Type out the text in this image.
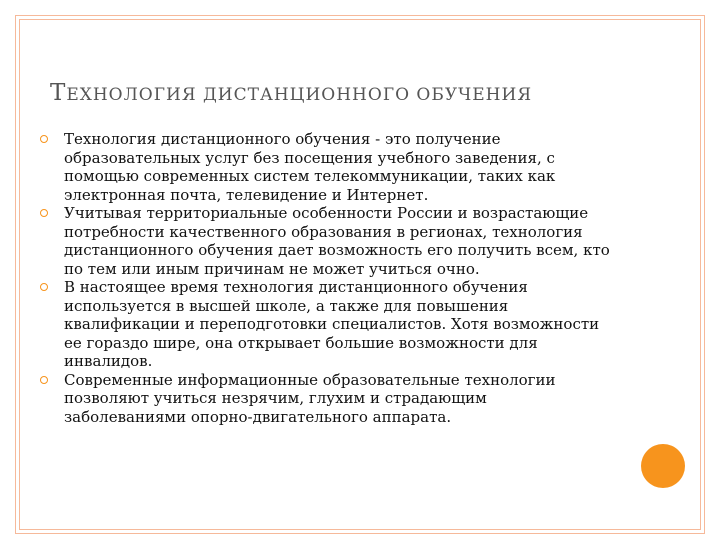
ТЕХНОЛОГИЯ ДИСТАНЦИОННОГО ОБУЧЕНИЯ
Технология дистанционного обучения - это получение образовательных услуг без посещения учебного заведения, с помощью современных систем телекоммуникации, таких как электронная почта, телевидение и Интернет.
Учитывая территориальные особенности России и возрастающие потребности качественного образования в регионах, технология дистанционного обучения дает возможность его получить всем, кто по тем или иным причинам не может учиться очно.
В настоящее время технология дистанционного обучения используется в высшей школе, а также для повышения квалификации и переподготовки специалистов. Хотя возможности ее гораздо шире, она открывает большие возможности для инвалидов.
Современные информационные образовательные технологии позволяют учиться незрячим, глухим и страдающим заболеваниями опорно-двигательного аппарата.
